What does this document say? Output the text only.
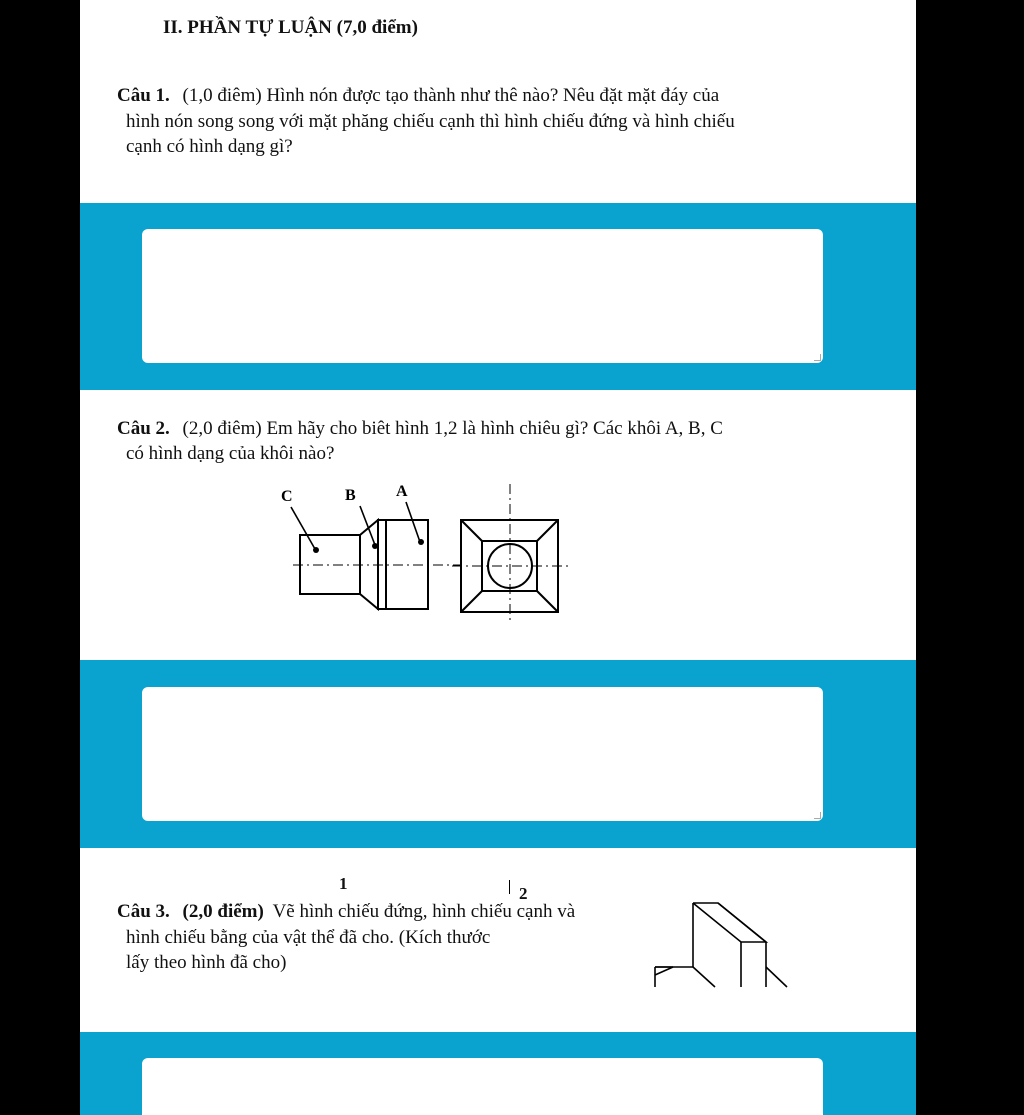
II. PHẦN TỰ LUẬN (7,0 điểm)
Câu 1. (1,0 điêm) Hình nón được tạo thành như thê nào? Nêu đặt mặt đáy của
hình nón song song với mặt phăng chiếu cạnh thì hình chiếu đứng và hình chiếu
cạnh có hình dạng gì?
Câu 2. (2,0 điêm) Em hãy cho biêt hình 1,2 là hình chiêu gì? Các khôi A, B, C
có hình dạng của khôi nào?
C	B	A
1
2
Câu 3. (2,0 điểm) Vẽ hình chiếu đứng, hình chiếu cạnh và
hình chiếu bằng của vật thể đã cho. (Kích thước
lấy theo hình đã cho)
